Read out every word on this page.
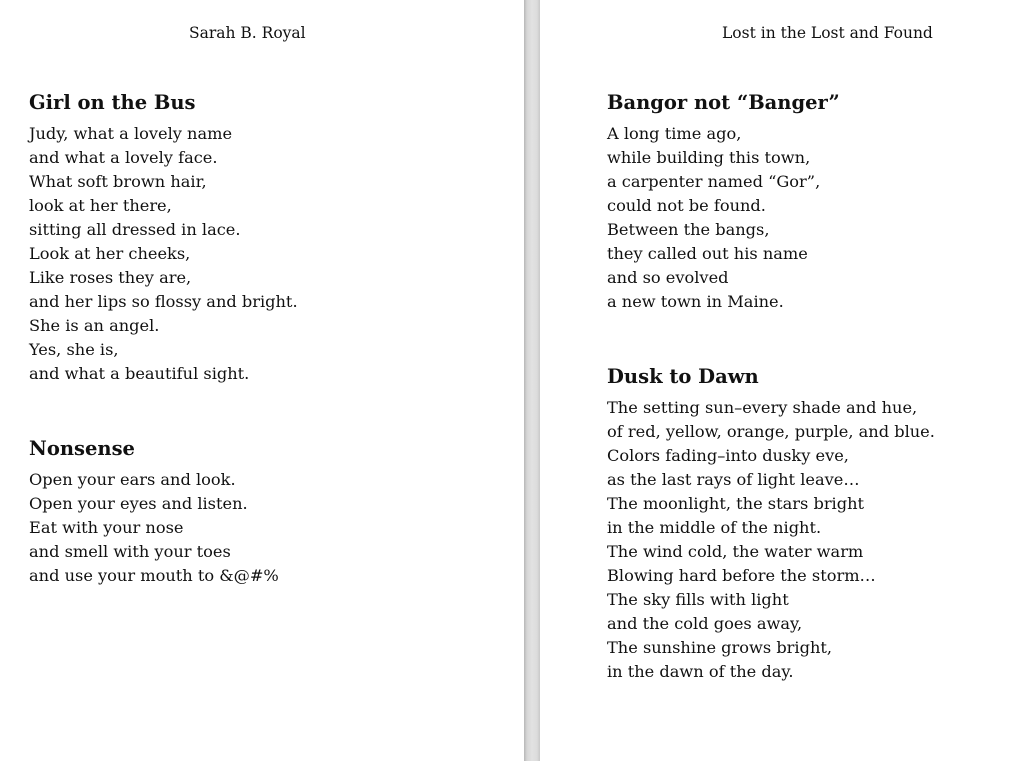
Sarah B. Royal
Girl on the Bus
Judy, what a lovely name
and what a lovely face.
What soft brown hair,
look at her there,
sitting all dressed in lace.
Look at her cheeks,
Like roses they are,
and her lips so flossy and bright.
She is an angel.
Yes, she is,
and what a beautiful sight.
Nonsense
Open your ears and look.
Open your eyes and listen.
Eat with your nose
and smell with your toes
and use your mouth to &@#%
Lost in the Lost and Found
Bangor not “Banger”
A long time ago,
while building this town,
a carpenter named “Gor”,
could not be found.
Between the bangs,
they called out his name
and so evolved
a new town in Maine.
Dusk to Dawn
The setting sun–every shade and hue,
of red, yellow, orange, purple, and blue.
Colors fading–into dusky eve,
as the last rays of light leave…
The moonlight, the stars bright
in the middle of the night.
The wind cold, the water warm
Blowing hard before the storm…
The sky fills with light
and the cold goes away,
The sunshine grows bright,
in the dawn of the day.
